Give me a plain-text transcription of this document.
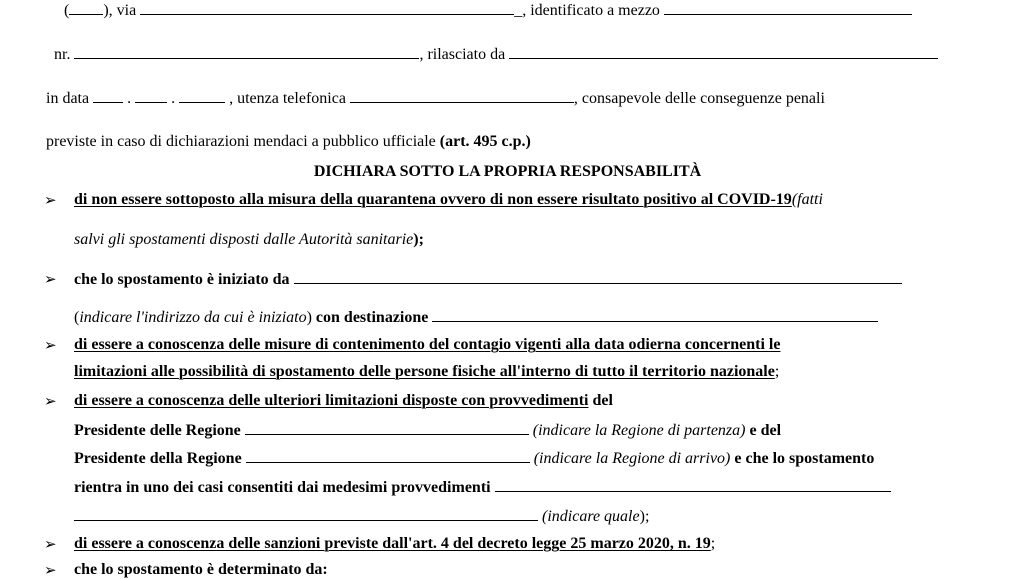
( ), via	_, identificato a mezzo
nr.	, rilasciato da
in data .	.	, utenza telefonica	, consapevole delle conseguenze penali
previste in caso di dichiarazioni mendaci a pubblico ufficiale (art. 495 c.p.)
DICHIARA SOTTO LA PROPRIA RESPONSABILITÀ
➢ di non essere sottoposto alla misura della quarantena ovvero di non essere risultato positivo al COVID-19(fatti
salvi gli spostamenti disposti dalle Autorità sanitarie);
➢ che lo spostamento è iniziato da
(indicare l'indirizzo da cui è iniziato) con destinazione
➢ di essere a conoscenza delle misure di contenimento del contagio vigenti alla data odierna concernenti le
limitazioni alle possibilità di spostamento delle persone fisiche all'interno di tutto il territorio nazionale;
➢ di essere a conoscenza delle ulteriori limitazioni disposte con provvedimenti del
Presidente delle Regione	(indicare la Regione di partenza) e del
Presidente della Regione	(indicare la Regione di arrivo) e che lo spostamento
rientra in uno dei casi consentiti dai medesimi provvedimenti
(indicare quale);
➢ di essere a conoscenza delle sanzioni previste dall'art. 4 del decreto legge 25 marzo 2020, n. 19;
➢ che lo spostamento è determinato da:
